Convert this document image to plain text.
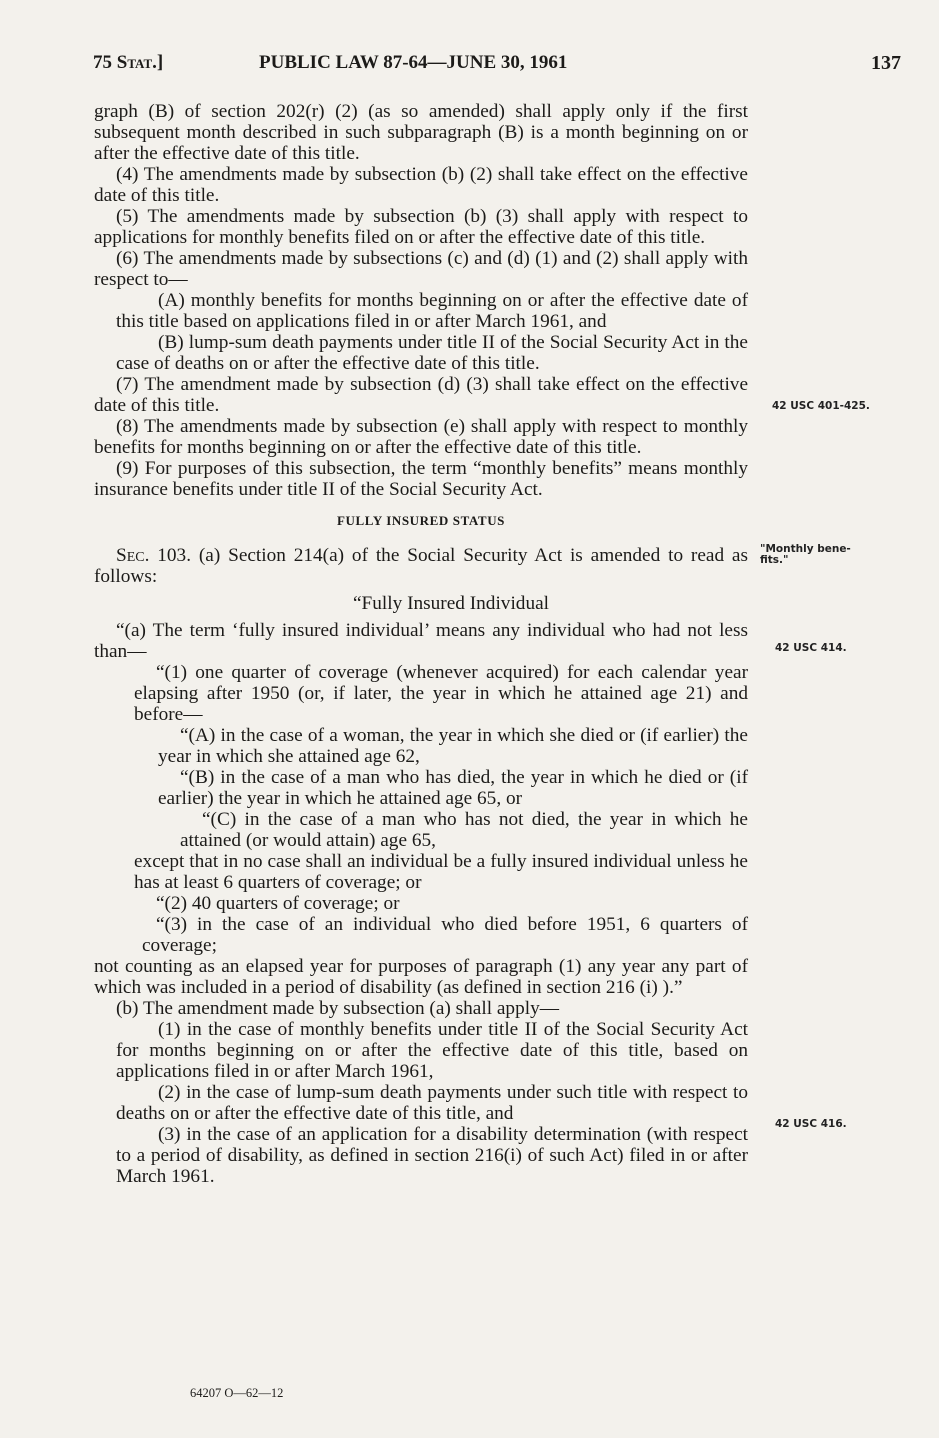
75 Stat.]	PUBLIC LAW 87-64—JUNE 30, 1961	137

graph (B) of section 202(r) (2) (as so amended) shall apply only if the first subsequent month described in such subparagraph (B) is a month beginning on or after the effective date of this title.

(4) The amendments made by subsection (b) (2) shall take effect on the effective date of this title.

(5) The amendments made by subsection (b) (3) shall apply with respect to applications for monthly benefits filed on or after the effective date of this title.

(6) The amendments made by subsections (c) and (d) (1) and (2) shall apply with respect to—

(A) monthly benefits for months beginning on or after the effective date of this title based on applications filed in or after March 1961, and

(B) lump-sum death payments under title II of the Social Security Act in the case of deaths on or after the effective date of this title.

(7) The amendment made by subsection (d) (3) shall take effect on the effective date of this title.

(8) The amendments made by subsection (e) shall apply with respect to monthly benefits for months beginning on or after the effective date of this title.

(9) For purposes of this subsection, the term “monthly benefits” means monthly insurance benefits under title II of the Social Security Act.

FULLY INSURED STATUS

Sec. 103. (a) Section 214(a) of the Social Security Act is amended to read as follows:

“Fully Insured Individual

“(a) The term ‘fully insured individual’ means any individual who had not less than—

“(1) one quarter of coverage (whenever acquired) for each calendar year elapsing after 1950 (or, if later, the year in which he attained age 21) and before—

“(A) in the case of a woman, the year in which she died or (if earlier) the year in which she attained age 62,

“(B) in the case of a man who has died, the year in which he died or (if earlier) the year in which he attained age 65, or

“(C) in the case of a man who has not died, the year in which he attained (or would attain) age 65,

except that in no case shall an individual be a fully insured individual unless he has at least 6 quarters of coverage; or

“(2) 40 quarters of coverage; or

“(3) in the case of an individual who died before 1951, 6 quarters of coverage;

not counting as an elapsed year for purposes of paragraph (1) any year any part of which was included in a period of disability (as defined in section 216 (i) ).”

(b) The amendment made by subsection (a) shall apply—

(1) in the case of monthly benefits under title II of the Social Security Act for months beginning on or after the effective date of this title, based on applications filed in or after March 1961,

(2) in the case of lump-sum death payments under such title with respect to deaths on or after the effective date of this title, and

(3) in the case of an application for a disability determination (with respect to a period of disability, as defined in section 216(i) of such Act) filed in or after March 1961.

42 USC 401-425.
"Monthly bene-
fits."
42 USC 414.
42 USC 416.
64207 O—62—12
